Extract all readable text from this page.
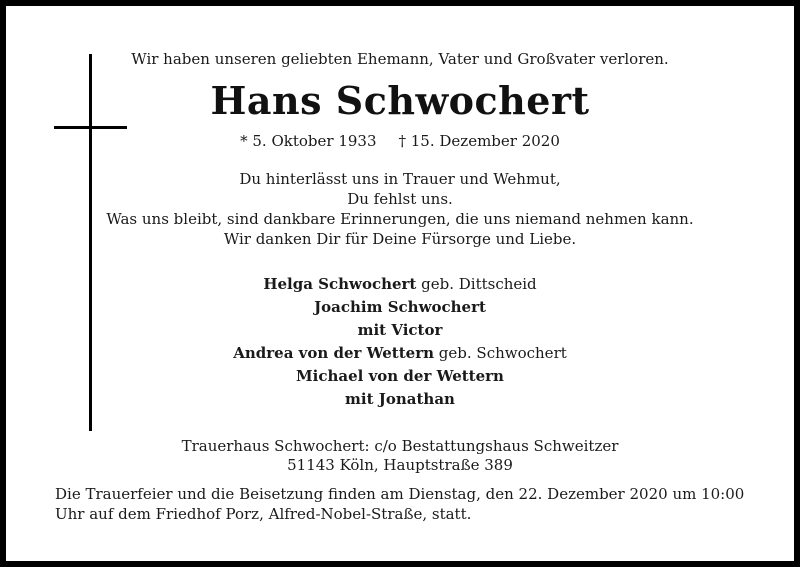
Wir haben unseren geliebten Ehemann, Vater und Großvater verloren.
Hans Schwochert
* 5. Oktober 1933 † 15. Dezember 2020
Du hinterlässt uns in Trauer und Wehmut,
Du fehlst uns.
Was uns bleibt, sind dankbare Erinnerungen, die uns niemand nehmen kann.
Wir danken Dir für Deine Fürsorge und Liebe.
Helga Schwochert geb. Dittscheid
Joachim Schwochert
mit Victor
Andrea von der Wettern geb. Schwochert
Michael von der Wettern
mit Jonathan
Trauerhaus Schwochert: c/o Bestattungshaus Schweitzer
51143 Köln, Hauptstraße 389
Die Trauerfeier und die Beisetzung finden am Dienstag, den 22. Dezember 2020 um 10:00 Uhr auf dem Friedhof Porz, Alfred-Nobel-Straße, statt.
